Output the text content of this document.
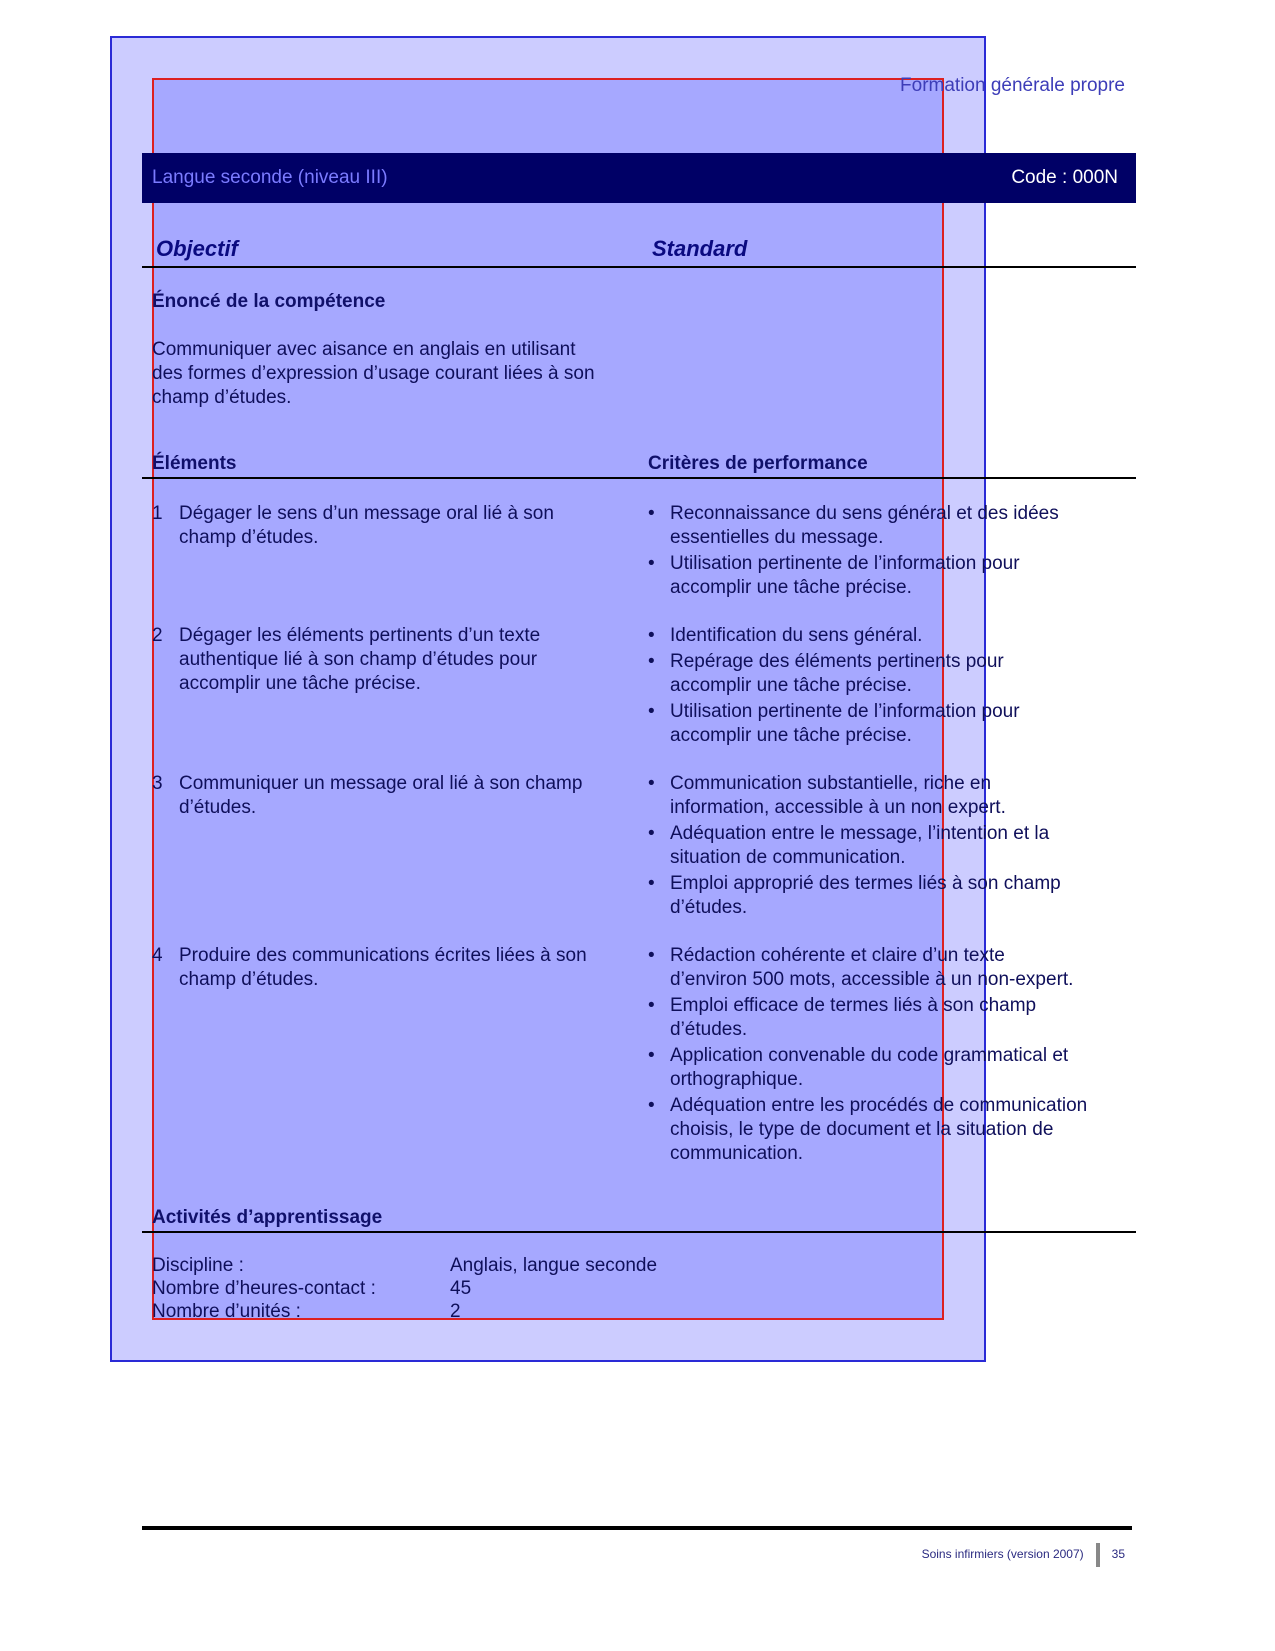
Formation générale propre
Langue seconde (niveau III)	Code : 000N
Objectif	Standard
Énoncé de la compétence
Communiquer avec aisance en anglais en utilisant
des formes d’expression d’usage courant liées à son
champ d’études.
Éléments	Critères de performance
1 Dégager le sens d’un message oral lié à son
champ d’études.
• Reconnaissance du sens général et des idées
essentielles du message.
• Utilisation pertinente de l’information pour
accomplir une tâche précise.
2 Dégager les éléments pertinents d’un texte
authentique lié à son champ d’études pour
accomplir une tâche précise.
• Identification du sens général.
• Repérage des éléments pertinents pour
accomplir une tâche précise.
• Utilisation pertinente de l’information pour
accomplir une tâche précise.
3 Communiquer un message oral lié à son champ
d’études.
• Communication substantielle, riche en
information, accessible à un non expert.
• Adéquation entre le message, l’intention et la
situation de communication.
• Emploi approprié des termes liés à son champ
d’études.
4 Produire des communications écrites liées à son
champ d’études.
• Rédaction cohérente et claire d’un texte
d’environ 500 mots, accessible à un non-expert.
• Emploi efficace de termes liés à son champ
d’études.
• Application convenable du code grammatical et
orthographique.
• Adéquation entre les procédés de communication
choisis, le type de document et la situation de
communication.
Activités d’apprentissage
Discipline :	Anglais, langue seconde
Nombre d’heures-contact :	45
Nombre d’unités :	2
Soins infirmiers (version 2007) 35
